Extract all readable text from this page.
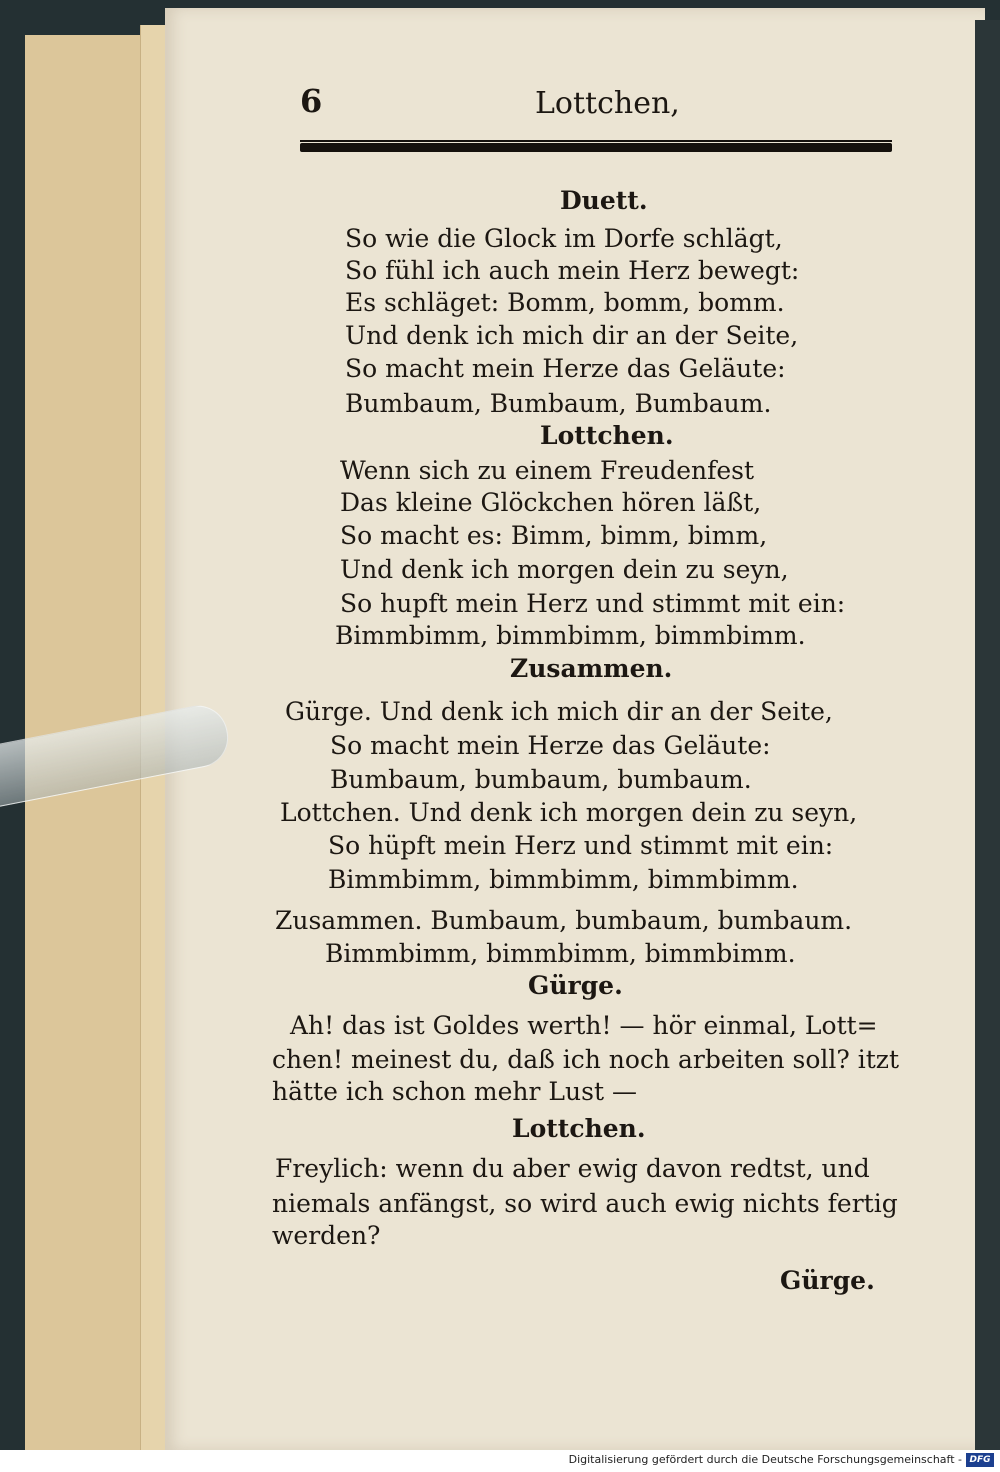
6	Lottchen,
Duett.
So wie die Glock im Dorfe schlägt,
So fühl ich auch mein Herz bewegt:
Es schläget: Bomm, bomm, bomm.
Und denk ich mich dir an der Seite,
So macht mein Herze das Geläute:
Bumbaum, Bumbaum, Bumbaum.
Lottchen.
Wenn sich zu einem Freudenfest
Das kleine Glöckchen hören läßt,
So macht es: Bimm, bimm, bimm,
Und denk ich morgen dein zu seyn,
So hupft mein Herz und stimmt mit ein:
Bimmbimm, bimmbimm, bimmbimm.
Zusammen.
Gürge. Und denk ich mich dir an der Seite,
So macht mein Herze das Geläute:
Bumbaum, bumbaum, bumbaum.
Lottchen. Und denk ich morgen dein zu seyn,
So hüpft mein Herz und stimmt mit ein:
Bimmbimm, bimmbimm, bimmbimm.
Zusammen. Bumbaum, bumbaum, bumbaum.
Bimmbimm, bimmbimm, bimmbimm.
Gürge.
Ah! das ist Goldes werth! — hör einmal, Lott=
chen! meinest du, daß ich noch arbeiten soll? itzt
hätte ich schon mehr Lust —
Lottchen.
Freylich: wenn du aber ewig davon redtst, und
niemals anfängst, so wird auch ewig nichts fertig
werden?
Gürge.
Digitalisierung gefördert durch die Deutsche Forschungsgemeinschaft - DFG
